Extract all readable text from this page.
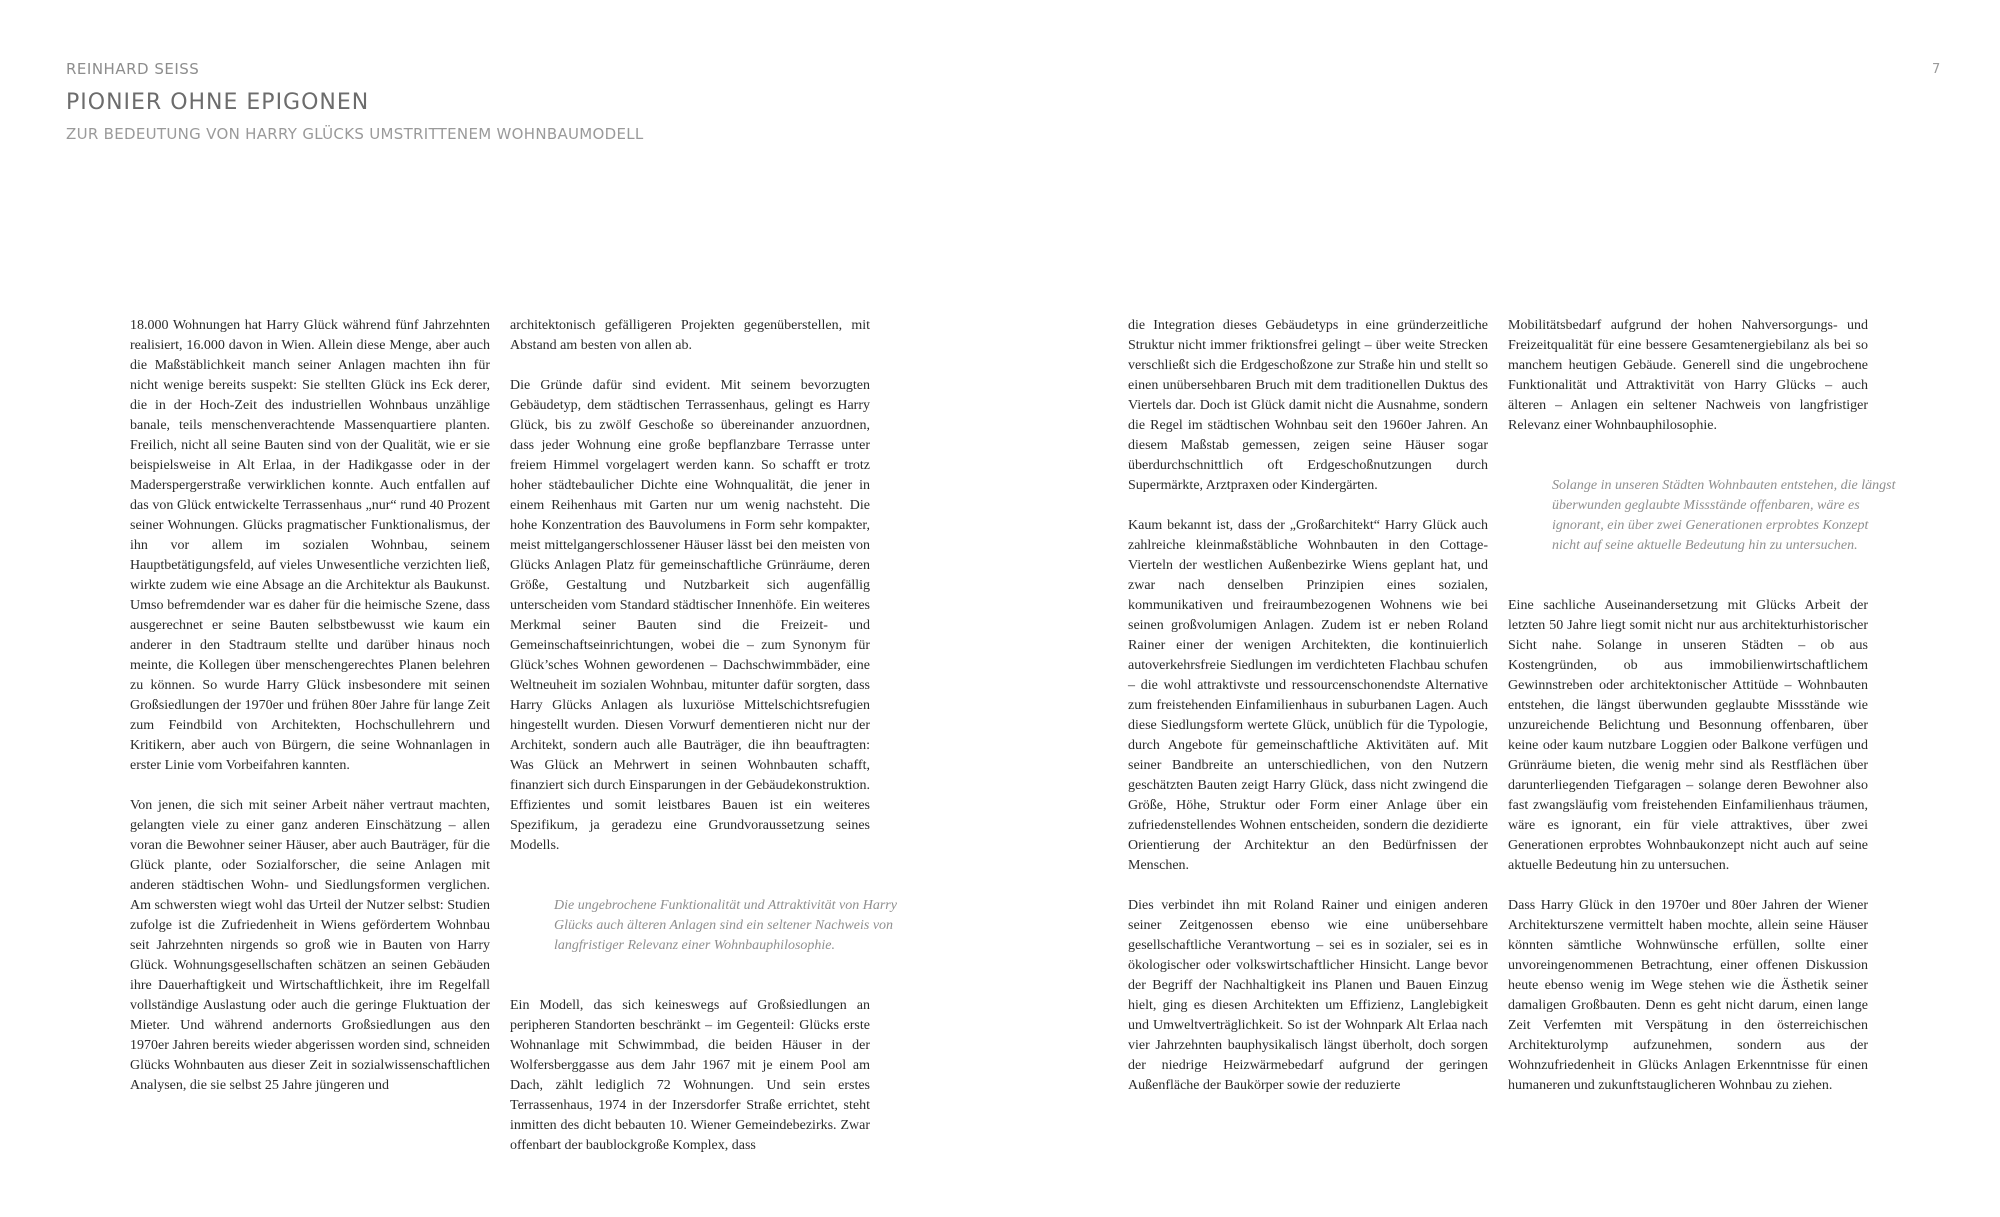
REINHARD SEISS

PIONIER OHNE EPIGONEN

ZUR BEDEUTUNG VON HARRY GLÜCKS UMSTRITTENEM WOHNBAUMODELL

7

18.000 Wohnungen hat Harry Glück während fünf Jahrzehnten realisiert, 16.000 davon in Wien. Allein diese Menge, aber auch die Maßstäblichkeit manch seiner Anlagen machten ihn für nicht wenige bereits suspekt: Sie stellten Glück ins Eck derer, die in der Hoch-Zeit des industriellen Wohnbaus unzählige banale, teils menschenverachtende Massenquartiere planten. Freilich, nicht all seine Bauten sind von der Qualität, wie er sie beispielsweise in Alt Erlaa, in der Hadikgasse oder in der Maderspergerstraße verwirklichen konnte. Auch entfallen auf das von Glück entwickelte Terrassenhaus „nur“ rund 40 Prozent seiner Wohnungen. Glücks pragmatischer Funktionalismus, der ihn vor allem im sozialen Wohnbau, seinem Hauptbetätigungsfeld, auf vieles Unwesentliche verzichten ließ, wirkte zudem wie eine Absage an die Architektur als Baukunst. Umso befremdender war es daher für die heimische Szene, dass ausgerechnet er seine Bauten selbstbewusst wie kaum ein anderer in den Stadtraum stellte und darüber hinaus noch meinte, die Kollegen über menschengerechtes Planen belehren zu können. So wurde Harry Glück insbesondere mit seinen Großsiedlungen der 1970er und frühen 80er Jahre für lange Zeit zum Feindbild von Architekten, Hochschullehrern und Kritikern, aber auch von Bürgern, die seine Wohnanlagen in erster Linie vom Vorbeifahren kannten.

Von jenen, die sich mit seiner Arbeit näher vertraut machten, gelangten viele zu einer ganz anderen Einschätzung – allen voran die Bewohner seiner Häuser, aber auch Bauträger, für die Glück plante, oder Sozialforscher, die seine Anlagen mit anderen städtischen Wohn- und Siedlungsformen verglichen. Am schwersten wiegt wohl das Urteil der Nutzer selbst: Studien zufolge ist die Zufriedenheit in Wiens gefördertem Wohnbau seit Jahrzehnten nirgends so groß wie in Bauten von Harry Glück. Wohnungsgesellschaften schätzen an seinen Gebäuden ihre Dauerhaftigkeit und Wirtschaftlichkeit, ihre im Regelfall vollständige Auslastung oder auch die geringe Fluktuation der Mieter. Und während andernorts Großsiedlungen aus den 1970er Jahren bereits wieder abgerissen worden sind, schneiden Glücks Wohnbauten aus dieser Zeit in sozialwissenschaftlichen Analysen, die sie selbst 25 Jahre jüngeren und

architektonisch gefälligeren Projekten gegenüberstellen, mit Abstand am besten von allen ab.

Die Gründe dafür sind evident. Mit seinem bevorzugten Gebäudetyp, dem städtischen Terrassenhaus, gelingt es Harry Glück, bis zu zwölf Geschoße so übereinander anzuordnen, dass jeder Wohnung eine große bepflanzbare Terrasse unter freiem Himmel vorgelagert werden kann. So schafft er trotz hoher städtebaulicher Dichte eine Wohnqualität, die jener in einem Reihenhaus mit Garten nur um wenig nachsteht. Die hohe Konzentration des Bauvolumens in Form sehr kompakter, meist mittelgangerschlossener Häuser lässt bei den meisten von Glücks Anlagen Platz für gemeinschaftliche Grünräume, deren Größe, Gestaltung und Nutzbarkeit sich augenfällig unterscheiden vom Standard städtischer Innenhöfe. Ein weiteres Merkmal seiner Bauten sind die Freizeit- und Gemeinschaftseinrichtungen, wobei die – zum Synonym für Glück’sches Wohnen gewordenen – Dachschwimmbäder, eine Weltneuheit im sozialen Wohnbau, mitunter dafür sorgten, dass Harry Glücks Anlagen als luxuriöse Mittelschichtsrefugien hingestellt wurden. Diesen Vorwurf dementieren nicht nur der Architekt, sondern auch alle Bauträger, die ihn beauftragten: Was Glück an Mehrwert in seinen Wohnbauten schafft, finanziert sich durch Einsparungen in der Gebäudekonstruktion. Effizientes und somit leistbares Bauen ist ein weiteres Spezifikum, ja geradezu eine Grundvoraussetzung seines Modells.

Die ungebrochene Funktionalität und Attraktivität von Harry Glücks auch älteren Anlagen sind ein seltener Nachweis von langfristiger Relevanz einer Wohnbauphilosophie.

Ein Modell, das sich keineswegs auf Großsiedlungen an peripheren Standorten beschränkt – im Gegenteil: Glücks erste Wohnanlage mit Schwimmbad, die beiden Häuser in der Wolfersberggasse aus dem Jahr 1967 mit je einem Pool am Dach, zählt lediglich 72 Wohnungen. Und sein erstes Terrassenhaus, 1974 in der Inzersdorfer Straße errichtet, steht inmitten des dicht bebauten 10. Wiener Gemeindebezirks. Zwar offenbart der baublockgroße Komplex, dass

die Integration dieses Gebäudetyps in eine gründerzeitliche Struktur nicht immer friktionsfrei gelingt – über weite Strecken verschließt sich die Erdgeschoßzone zur Straße hin und stellt so einen unübersehbaren Bruch mit dem traditionellen Duktus des Viertels dar. Doch ist Glück damit nicht die Ausnahme, sondern die Regel im städtischen Wohnbau seit den 1960er Jahren. An diesem Maßstab gemessen, zeigen seine Häuser sogar überdurchschnittlich oft Erdgeschoßnutzungen durch Supermärkte, Arztpraxen oder Kindergärten.

Kaum bekannt ist, dass der „Großarchitekt“ Harry Glück auch zahlreiche kleinmaßstäbliche Wohnbauten in den Cottage-Vierteln der westlichen Außenbezirke Wiens geplant hat, und zwar nach denselben Prinzipien eines sozialen, kommunikativen und freiraumbezogenen Wohnens wie bei seinen großvolumigen Anlagen. Zudem ist er neben Roland Rainer einer der wenigen Architekten, die kontinuierlich autoverkehrsfreie Siedlungen im verdichteten Flachbau schufen – die wohl attraktivste und ressourcenschonendste Alternative zum freistehenden Einfamilienhaus in suburbanen Lagen. Auch diese Siedlungsform wertete Glück, unüblich für die Typologie, durch Angebote für gemeinschaftliche Aktivitäten auf. Mit seiner Bandbreite an unterschiedlichen, von den Nutzern geschätzten Bauten zeigt Harry Glück, dass nicht zwingend die Größe, Höhe, Struktur oder Form einer Anlage über ein zufriedenstellendes Wohnen entscheiden, sondern die dezidierte Orientierung der Architektur an den Bedürfnissen der Menschen.

Dies verbindet ihn mit Roland Rainer und einigen anderen seiner Zeitgenossen ebenso wie eine unübersehbare gesellschaftliche Verantwortung – sei es in sozialer, sei es in ökologischer oder volkswirtschaftlicher Hinsicht. Lange bevor der Begriff der Nachhaltigkeit ins Planen und Bauen Einzug hielt, ging es diesen Architekten um Effizienz, Langlebigkeit und Umweltverträglichkeit. So ist der Wohnpark Alt Erlaa nach vier Jahrzehnten bauphysikalisch längst überholt, doch sorgen der niedrige Heizwärmebedarf aufgrund der geringen Außenfläche der Baukörper sowie der reduzierte

Mobilitätsbedarf aufgrund der hohen Nahversorgungs- und Freizeitqualität für eine bessere Gesamtenergiebilanz als bei so manchem heutigen Gebäude. Generell sind die ungebrochene Funktionalität und Attraktivität von Harry Glücks – auch älteren – Anlagen ein seltener Nachweis von langfristiger Relevanz einer Wohnbauphilosophie.

Solange in unseren Städten Wohnbauten entstehen, die längst überwunden geglaubte Missstände offenbaren, wäre es ignorant, ein über zwei Generationen erprobtes Konzept nicht auf seine aktuelle Bedeutung hin zu untersuchen.

Eine sachliche Auseinandersetzung mit Glücks Arbeit der letzten 50 Jahre liegt somit nicht nur aus architekturhistorischer Sicht nahe. Solange in unseren Städten – ob aus Kostengründen, ob aus immobilienwirtschaftlichem Gewinnstreben oder architektonischer Attitüde – Wohnbauten entstehen, die längst überwunden geglaubte Missstände wie unzureichende Belichtung und Besonnung offenbaren, über keine oder kaum nutzbare Loggien oder Balkone verfügen und Grünräume bieten, die wenig mehr sind als Restflächen über darunterliegenden Tiefgaragen – solange deren Bewohner also fast zwangsläufig vom freistehenden Einfamilienhaus träumen, wäre es ignorant, ein für viele attraktives, über zwei Generationen erprobtes Wohnbaukonzept nicht auch auf seine aktuelle Bedeutung hin zu untersuchen.

Dass Harry Glück in den 1970er und 80er Jahren der Wiener Architekturszene vermittelt haben mochte, allein seine Häuser könnten sämtliche Wohnwünsche erfüllen, sollte einer unvoreingenommenen Betrachtung, einer offenen Diskussion heute ebenso wenig im Wege stehen wie die Ästhetik seiner damaligen Großbauten. Denn es geht nicht darum, einen lange Zeit Verfemten mit Verspätung in den österreichischen Architekturolymp aufzunehmen, sondern aus der Wohnzufriedenheit in Glücks Anlagen Erkenntnisse für einen humaneren und zukunftstauglicheren Wohnbau zu ziehen.
